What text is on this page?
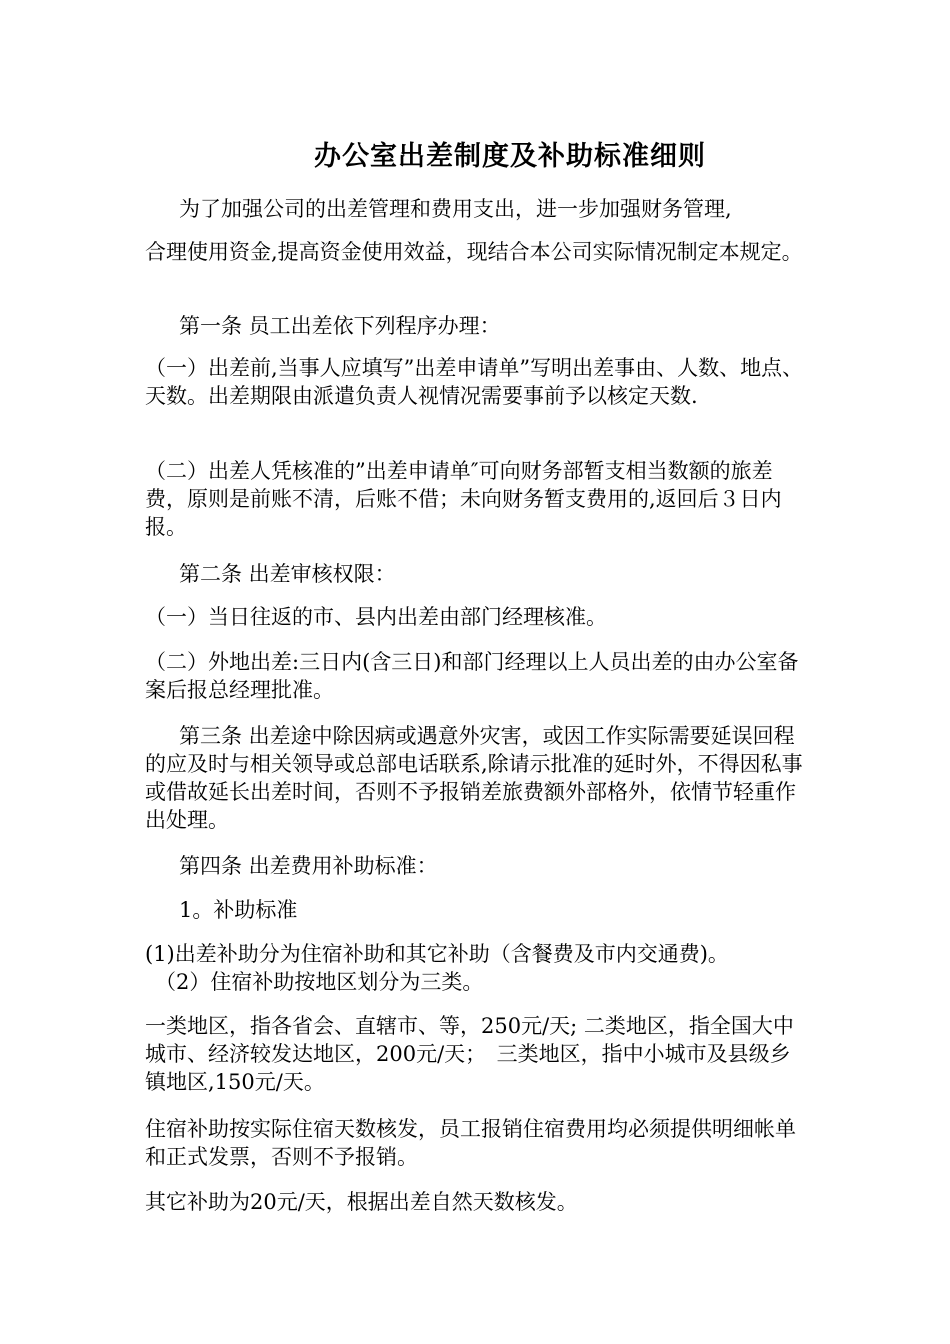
办公室出差制度及补助标准细则

为了加强公司的出差管理和费用支出，进一步加强财务管理,

合理使用资金,提高资金使用效益，现结合本公司实际情况制定本规定。

第一条 员工出差依下列程序办理：

（一）出差前,当事人应填写”出差申请单”写明出差事由、人数、地点、天数。出差期限由派遣负责人视情况需要事前予以核定天数.

（二）出差人凭核准的”出差申请单″可向财务部暂支相当数额的旅差费，原则是前账不清，后账不借；未向财务暂支费用的,返回后３日内报。

第二条 出差审核权限：

（一）当日往返的市、县内出差由部门经理核准。

（二）外地出差:三日内(含三日)和部门经理以上人员出差的由办公室备案后报总经理批准。

第三条 出差途中除因病或遇意外灾害，或因工作实际需要延误回程的应及时与相关领导或总部电话联系,除请示批准的延时外，不得因私事或借故延长出差时间，否则不予报销差旅费额外部格外，依情节轻重作出处理。

第四条 出差费用补助标准：

1。补助标准

(1)出差补助分为住宿补助和其它补助（含餐费及市内交通费)。

（2）住宿补助按地区划分为三类。

一类地区，指各省会、直辖市、等，250元/天; 二类地区，指全国大中城市、经济较发达地区，200元/天；　三类地区，指中小城市及县级乡镇地区,150元/天。

住宿补助按实际住宿天数核发，员工报销住宿费用均必须提供明细帐单和正式发票，否则不予报销。

其它补助为20元/天，根据出差自然天数核发。
